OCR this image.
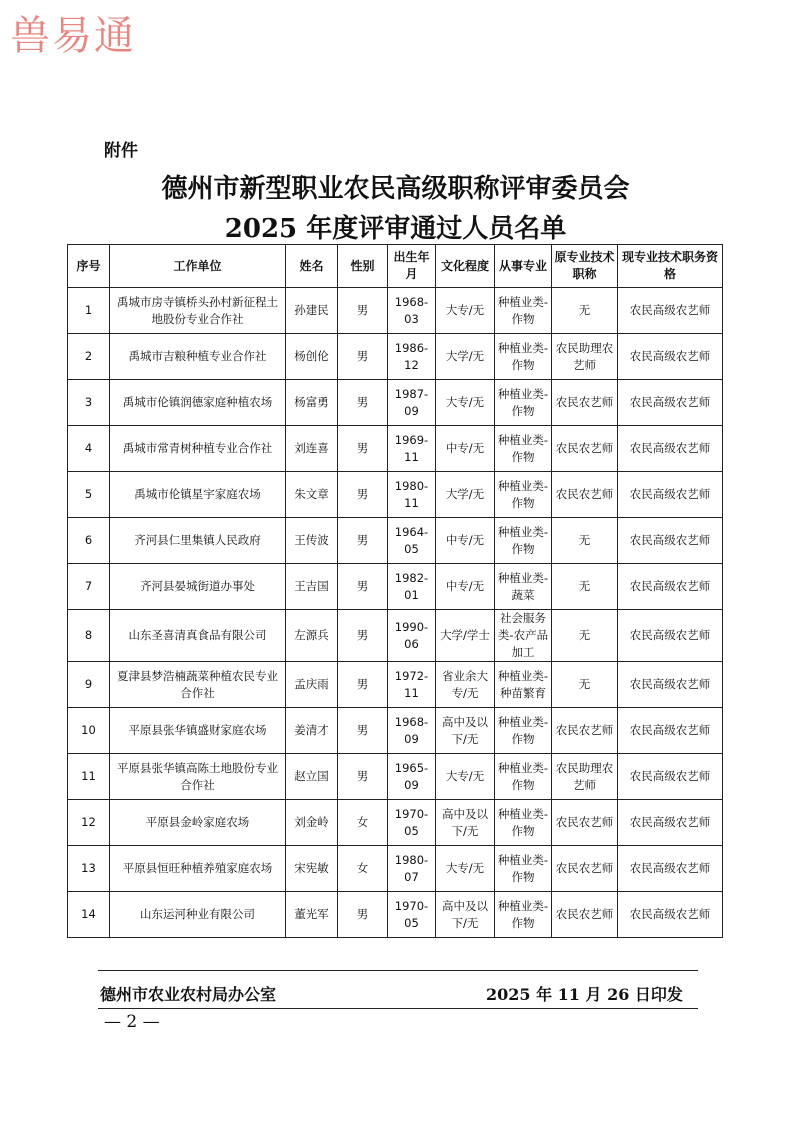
兽易通
附件
德州市新型职业农民高级职称评审委员会
2025 年度评审通过人员名单
序号	工作单位	姓名	性别	出生年月	文化程度	从事专业	原专业技术职称	现专业技术职务资格
1	禹城市房寺镇桥头孙村新征程土地股份专业合作社	孙建民	男	1968-03	大专/无	种植业类-作物	无	农民高级农艺师
2	禹城市吉粮种植专业合作社	杨创伦	男	1986-12	大学/无	种植业类-作物	农民助理农艺师	农民高级农艺师
3	禹城市伦镇润德家庭种植农场	杨富勇	男	1987-09	大专/无	种植业类-作物	农民农艺师	农民高级农艺师
4	禹城市常青树种植专业合作社	刘连喜	男	1969-11	中专/无	种植业类-作物	农民农艺师	农民高级农艺师
5	禹城市伦镇星宇家庭农场	朱文章	男	1980-11	大学/无	种植业类-作物	农民农艺师	农民高级农艺师
6	齐河县仁里集镇人民政府	王传波	男	1964-05	中专/无	种植业类-作物	无	农民高级农艺师
7	齐河县晏城街道办事处	王吉国	男	1982-01	中专/无	种植业类-蔬菜	无	农民高级农艺师
8	山东圣喜清真食品有限公司	左源兵	男	1990-06	大学/学士	社会服务类-农产品加工	无	农民高级农艺师
9	夏津县梦浩楠蔬菜种植农民专业合作社	孟庆雨	男	1972-11	省业余大专/无	种植业类-种苗繁育	无	农民高级农艺师
10	平原县张华镇盛财家庭农场	姜清才	男	1968-09	高中及以下/无	种植业类-作物	农民农艺师	农民高级农艺师
11	平原县张华镇高陈土地股份专业合作社	赵立国	男	1965-09	大专/无	种植业类-作物	农民助理农艺师	农民高级农艺师
12	平原县金岭家庭农场	刘金岭	女	1970-05	高中及以下/无	种植业类-作物	农民农艺师	农民高级农艺师
13	平原县恒旺种植养殖家庭农场	宋宪敏	女	1980-07	大专/无	种植业类-作物	农民农艺师	农民高级农艺师
14	山东运河种业有限公司	董光军	男	1970-05	高中及以下/无	种植业类-作物	农民农艺师	农民高级农艺师
德州市农业农村局办公室	2025 年 11 月 26 日印发
— 2 —
